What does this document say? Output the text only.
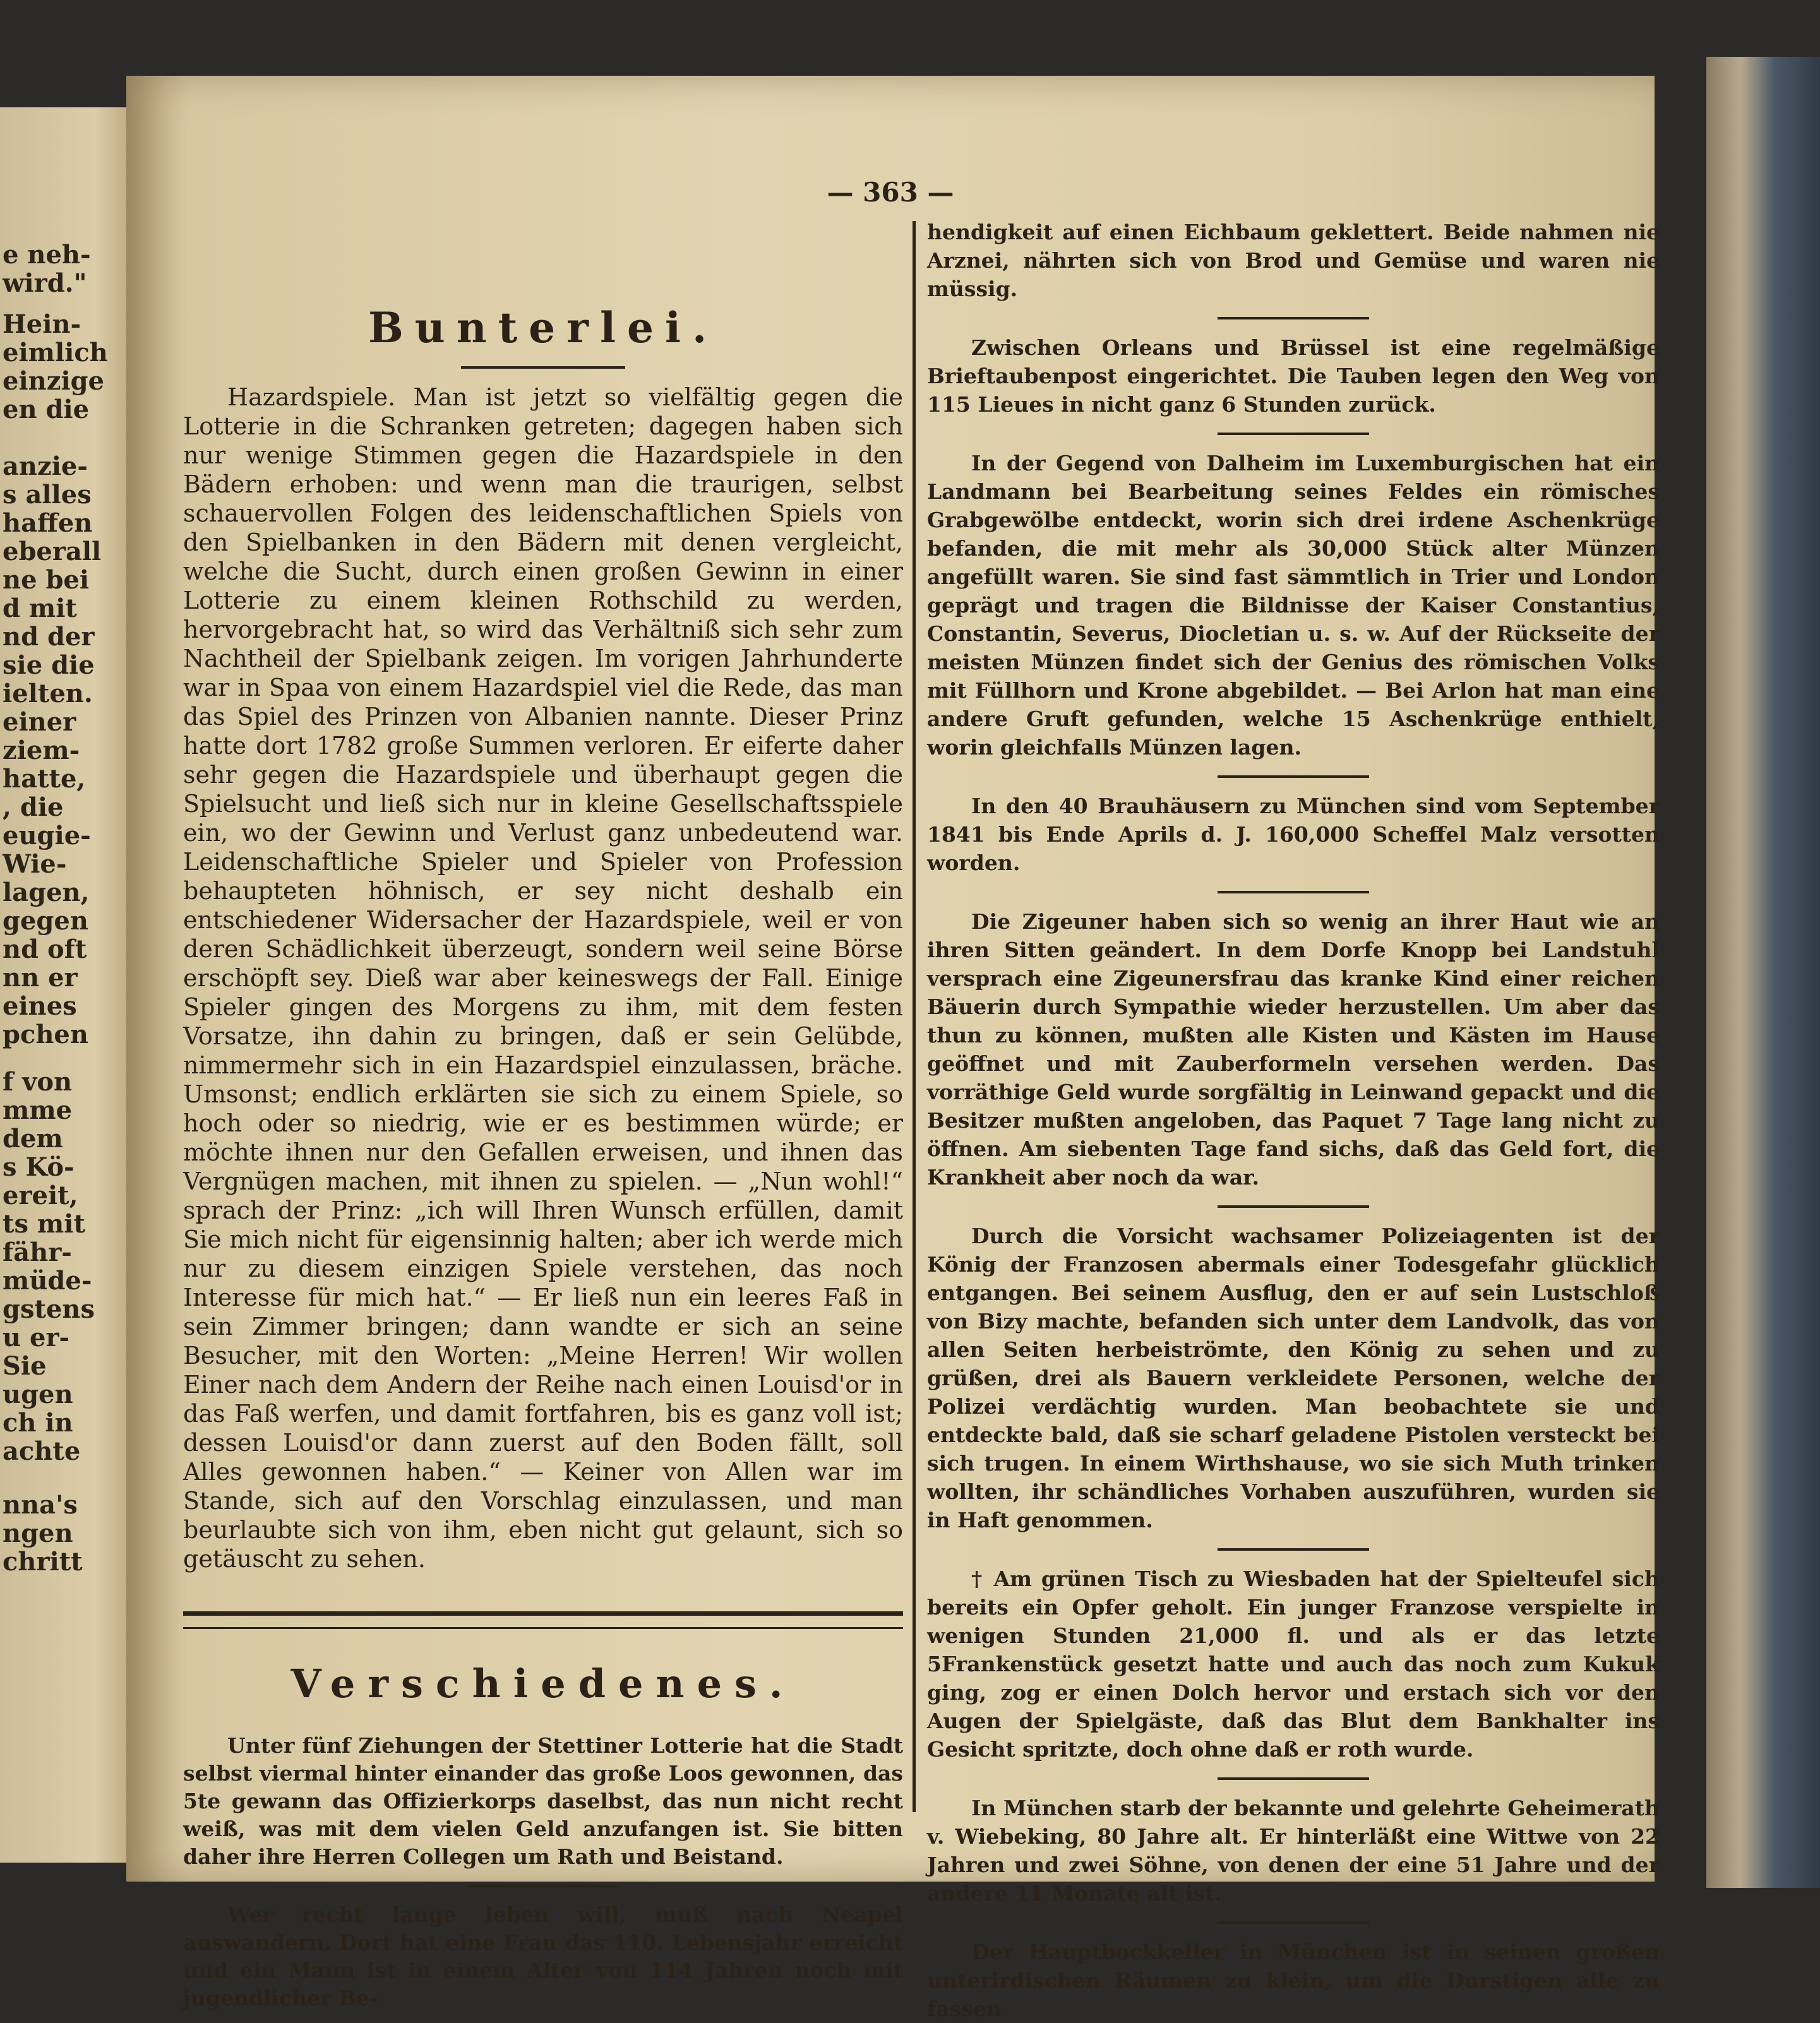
e neh-
wird."
Hein-
eimlich
einzige
en die
anzie-
s alles
haffen
eberall
ne bei
d mit
nd der
sie die
ielten.
einer
ziem-
hatte,
, die
eugie-
Wie-
lagen,
gegen
nd oft
nn er
eines
pchen
f von
mme
dem
s Kö-
ereit,
ts mit
fähr-
müde-
gstens
u er-
Sie
ugen
ch in
achte
nna's
ngen
chritt
— 363 —
Bunterlei.

Hazardspiele. Man ist jetzt so vielfältig gegen die Lotterie in die Schranken getreten; dagegen haben sich nur wenige Stimmen gegen die Hazardspiele in den Bädern erhoben: und wenn man die traurigen, selbst schauervollen Folgen des leidenschaftlichen Spiels von den Spielbanken in den Bädern mit denen vergleicht, welche die Sucht, durch einen großen Gewinn in einer Lotterie zu einem kleinen Rothschild zu werden, hervorgebracht hat, so wird das Verhältniß sich sehr zum Nachtheil der Spielbank zeigen. Im vorigen Jahrhunderte war in Spaa von einem Hazardspiel viel die Rede, das man das Spiel des Prinzen von Albanien nannte. Dieser Prinz hatte dort 1782 große Summen verloren. Er eiferte daher sehr gegen die Hazardspiele und überhaupt gegen die Spielsucht und ließ sich nur in kleine Gesellschaftsspiele ein, wo der Gewinn und Verlust ganz unbedeutend war. Leidenschaftliche Spieler und Spieler von Profession behaupteten höhnisch, er sey nicht deshalb ein entschiedener Widersacher der Hazardspiele, weil er von deren Schädlichkeit überzeugt, sondern weil seine Börse erschöpft sey. Dieß war aber keineswegs der Fall. Einige Spieler gingen des Morgens zu ihm, mit dem festen Vorsatze, ihn dahin zu bringen, daß er sein Gelübde, nimmermehr sich in ein Hazardspiel einzulassen, bräche. Umsonst; endlich erklärten sie sich zu einem Spiele, so hoch oder so niedrig, wie er es bestimmen würde; er möchte ihnen nur den Gefallen erweisen, und ihnen das Vergnügen machen, mit ihnen zu spielen. — „Nun wohl!“ sprach der Prinz: „ich will Ihren Wunsch erfüllen, damit Sie mich nicht für eigensinnig halten; aber ich werde mich nur zu diesem einzigen Spiele verstehen, das noch Interesse für mich hat.“ — Er ließ nun ein leeres Faß in sein Zimmer bringen; dann wandte er sich an seine Besucher, mit den Worten: „Meine Herren! Wir wollen Einer nach dem Andern der Reihe nach einen Louisd'or in das Faß werfen, und damit fortfahren, bis es ganz voll ist; dessen Louisd'or dann zuerst auf den Boden fällt, soll Alles gewonnen haben.“ — Keiner von Allen war im Stande, sich auf den Vorschlag einzulassen, und man beurlaubte sich von ihm, eben nicht gut gelaunt, sich so getäuscht zu sehen.

Verschiedenes.

Unter fünf Ziehungen der Stettiner Lotterie hat die Stadt selbst viermal hinter einander das große Loos gewonnen, das 5te gewann das Offizierkorps daselbst, das nun nicht recht weiß, was mit dem vielen Geld anzufangen ist. Sie bitten daher ihre Herren Collegen um Rath und Beistand.

Wer recht lange leben will, muß nach Neapel auswandern. Dort hat eine Frau das 110. Lebensjahr erreicht und ein Mann ist in einem Alter von 114 Jahren noch mit jugendlicher Be-

hendigkeit auf einen Eichbaum geklettert. Beide nahmen nie Arznei, nährten sich von Brod und Gemüse und waren nie müssig.

Zwischen Orleans und Brüssel ist eine regelmäßige Brieftaubenpost eingerichtet. Die Tauben legen den Weg von 115 Lieues in nicht ganz 6 Stunden zurück.

In der Gegend von Dalheim im Luxemburgischen hat ein Landmann bei Bearbeitung seines Feldes ein römisches Grabgewölbe entdeckt, worin sich drei irdene Aschenkrüge befanden, die mit mehr als 30,000 Stück alter Münzen angefüllt waren. Sie sind fast sämmtlich in Trier und London geprägt und tragen die Bildnisse der Kaiser Constantius, Constantin, Severus, Diocletian u. s. w. Auf der Rückseite der meisten Münzen findet sich der Genius des römischen Volks mit Füllhorn und Krone abgebildet. — Bei Arlon hat man eine andere Gruft gefunden, welche 15 Aschenkrüge enthielt, worin gleichfalls Münzen lagen.

In den 40 Brauhäusern zu München sind vom September 1841 bis Ende Aprils d. J. 160,000 Scheffel Malz versotten worden.

Die Zigeuner haben sich so wenig an ihrer Haut wie an ihren Sitten geändert. In dem Dorfe Knopp bei Landstuhl versprach eine Zigeunersfrau das kranke Kind einer reichen Bäuerin durch Sympathie wieder herzustellen. Um aber das thun zu können, mußten alle Kisten und Kästen im Hause geöffnet und mit Zauberformeln versehen werden. Das vorräthige Geld wurde sorgfältig in Leinwand gepackt und die Besitzer mußten angeloben, das Paquet 7 Tage lang nicht zu öffnen. Am siebenten Tage fand sichs, daß das Geld fort, die Krankheit aber noch da war.

Durch die Vorsicht wachsamer Polizeiagenten ist der König der Franzosen abermals einer Todesgefahr glücklich entgangen. Bei seinem Ausflug, den er auf sein Lustschloß von Bizy machte, befanden sich unter dem Landvolk, das von allen Seiten herbeiströmte, den König zu sehen und zu grüßen, drei als Bauern verkleidete Personen, welche der Polizei verdächtig wurden. Man beobachtete sie und entdeckte bald, daß sie scharf geladene Pistolen versteckt bei sich trugen. In einem Wirthshause, wo sie sich Muth trinken wollten, ihr schändliches Vorhaben auszuführen, wurden sie in Haft genommen.

† Am grünen Tisch zu Wiesbaden hat der Spielteufel sich bereits ein Opfer geholt. Ein junger Franzose verspielte in wenigen Stunden 21,000 fl. und als er das letzte 5Frankenstück gesetzt hatte und auch das noch zum Kukuk ging, zog er einen Dolch hervor und erstach sich vor den Augen der Spielgäste, daß das Blut dem Bankhalter ins Gesicht spritzte, doch ohne daß er roth wurde.

In München starb der bekannte und gelehrte Geheimerath v. Wiebeking, 80 Jahre alt. Er hinterläßt eine Wittwe von 22 Jahren und zwei Söhne, von denen der eine 51 Jahre und der andere 11 Monate alt ist.

Der Hauptbockkeller in München ist in seinen großen unterirdischen Räumen zu klein, um die Durstigen alle zu fassen
